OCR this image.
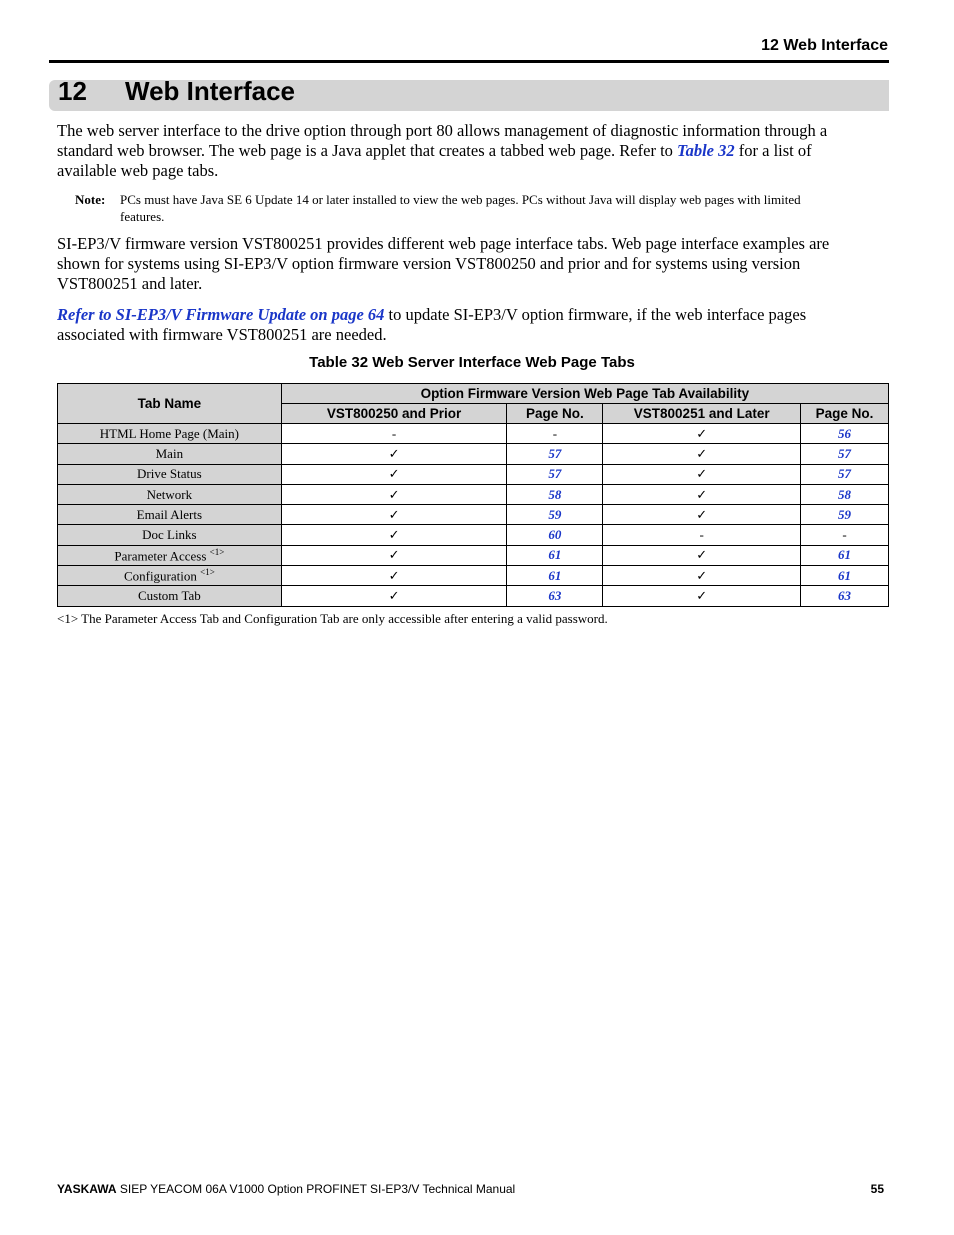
12 Web Interface
12 Web Interface
The web server interface to the drive option through port 80 allows management of diagnostic information through a standard web browser. The web page is a Java applet that creates a tabbed web page. Refer to Table 32 for a list of available web page tabs.
Note: PCs must have Java SE 6 Update 14 or later installed to view the web pages. PCs without Java will display web pages with limited features.
SI-EP3/V firmware version VST800251 provides different web page interface tabs. Web page interface examples are shown for systems using SI-EP3/V option firmware version VST800250 and prior and for systems using version VST800251 and later.
Refer to SI-EP3/V Firmware Update on page 64 to update SI-EP3/V option firmware, if the web interface pages associated with firmware VST800251 are needed.
Table 32 Web Server Interface Web Page Tabs
Tab Name	Option Firmware Version Web Page Tab Availability			
	VST800250 and Prior	Page No.	VST800251 and Later	Page No.
HTML Home Page (Main)	-	-	✓	56
Main	✓	57	✓	57
Drive Status	✓	57	✓	57
Network	✓	58	✓	58
Email Alerts	✓	59	✓	59
Doc Links	✓	60	-	-
Parameter Access $^{<1>}$	✓	61	✓	61
Configuration $^{<1>}$	✓	61	✓	61
Custom Tab	✓	63	✓	63
<1> The Parameter Access Tab and Configuration Tab are only accessible after entering a valid password.
YASKAWA SIEP YEACOM 06A V1000 Option PROFINET SI-EP3/V Technical Manual	55
